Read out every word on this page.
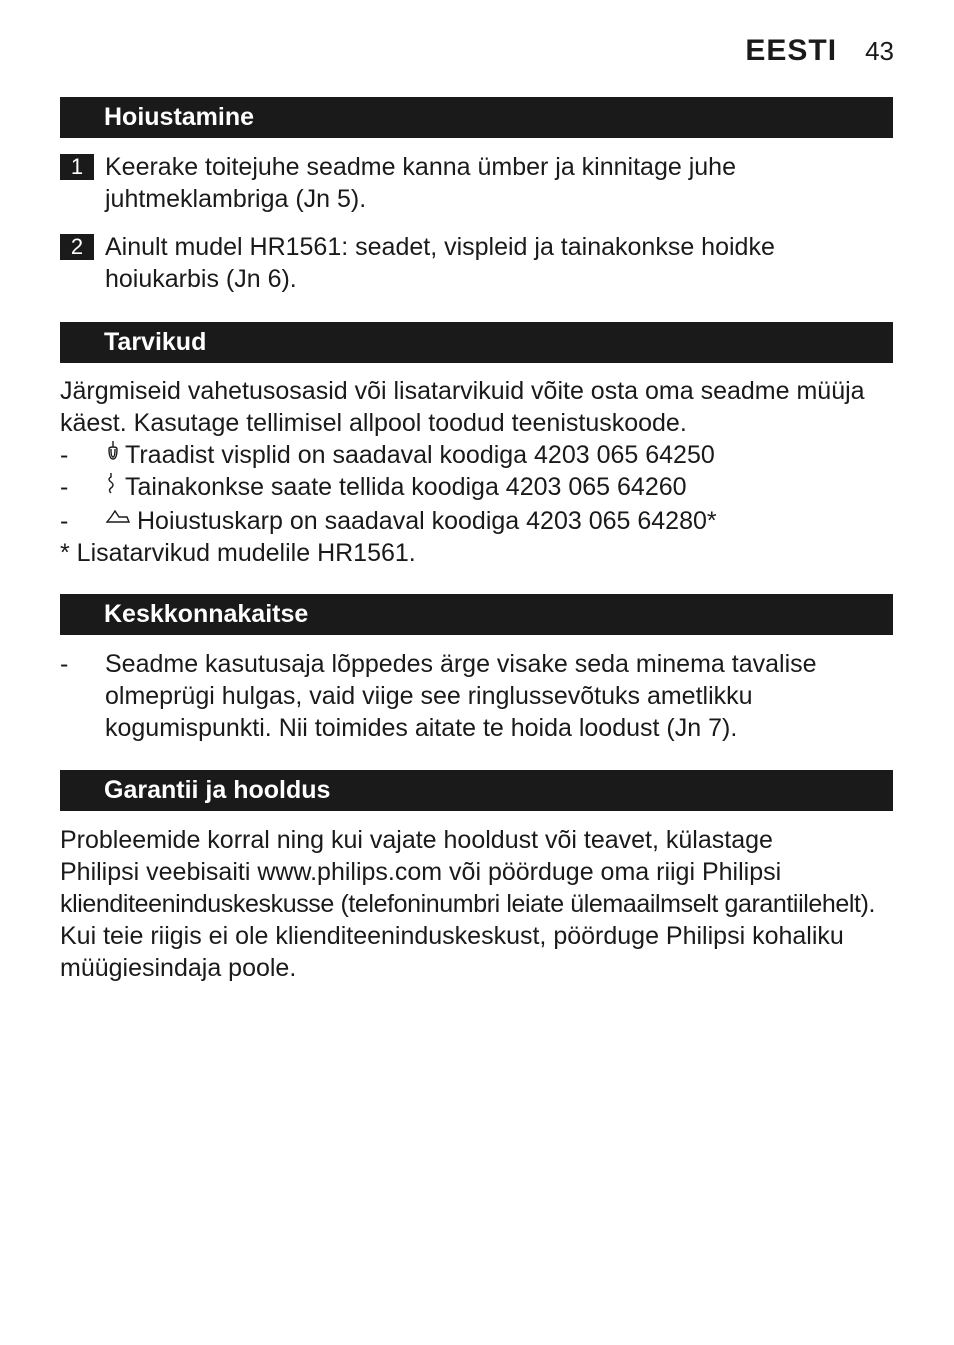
EESTI 43
Hoiustamine
1 Keerake toitejuhe seadme kanna ümber ja kinnitage juhe
juhtmeklambriga (Jn 5).
2 Ainult mudel HR1561: seadet, vispleid ja tainakonkse hoidke
hoiukarbis (Jn 6).
Tarvikud
Järgmiseid vahetusosasid või lisatarvikuid võite osta oma seadme müüja
käest. Kasutage tellimisel allpool toodud teenistuskoode.
-	Traadist visplid on saadaval koodiga 4203 065 64250
-	Tainakonkse saate tellida koodiga 4203 065 64260
-	Hoiustuskarp on saadaval koodiga 4203 065 64280*
* Lisatarvikud mudelile HR1561.
Keskkonnakaitse
-	Seadme kasutusaja lõppedes ärge visake seda minema tavalise
olmeprügi hulgas, vaid viige see ringlussevõtuks ametlikku
kogumispunkti. Nii toimides aitate te hoida loodust (Jn 7).
Garantii ja hooldus
Probleemide korral ning kui vajate hooldust või teavet, külastage
Philipsi veebisaiti www.philips.com või pöörduge oma riigi Philipsi
klienditeeninduskeskusse (telefoninumbri leiate ülemaailmselt garantiilehelt).
Kui teie riigis ei ole klienditeeninduskeskust, pöörduge Philipsi kohaliku
müügiesindaja poole.
